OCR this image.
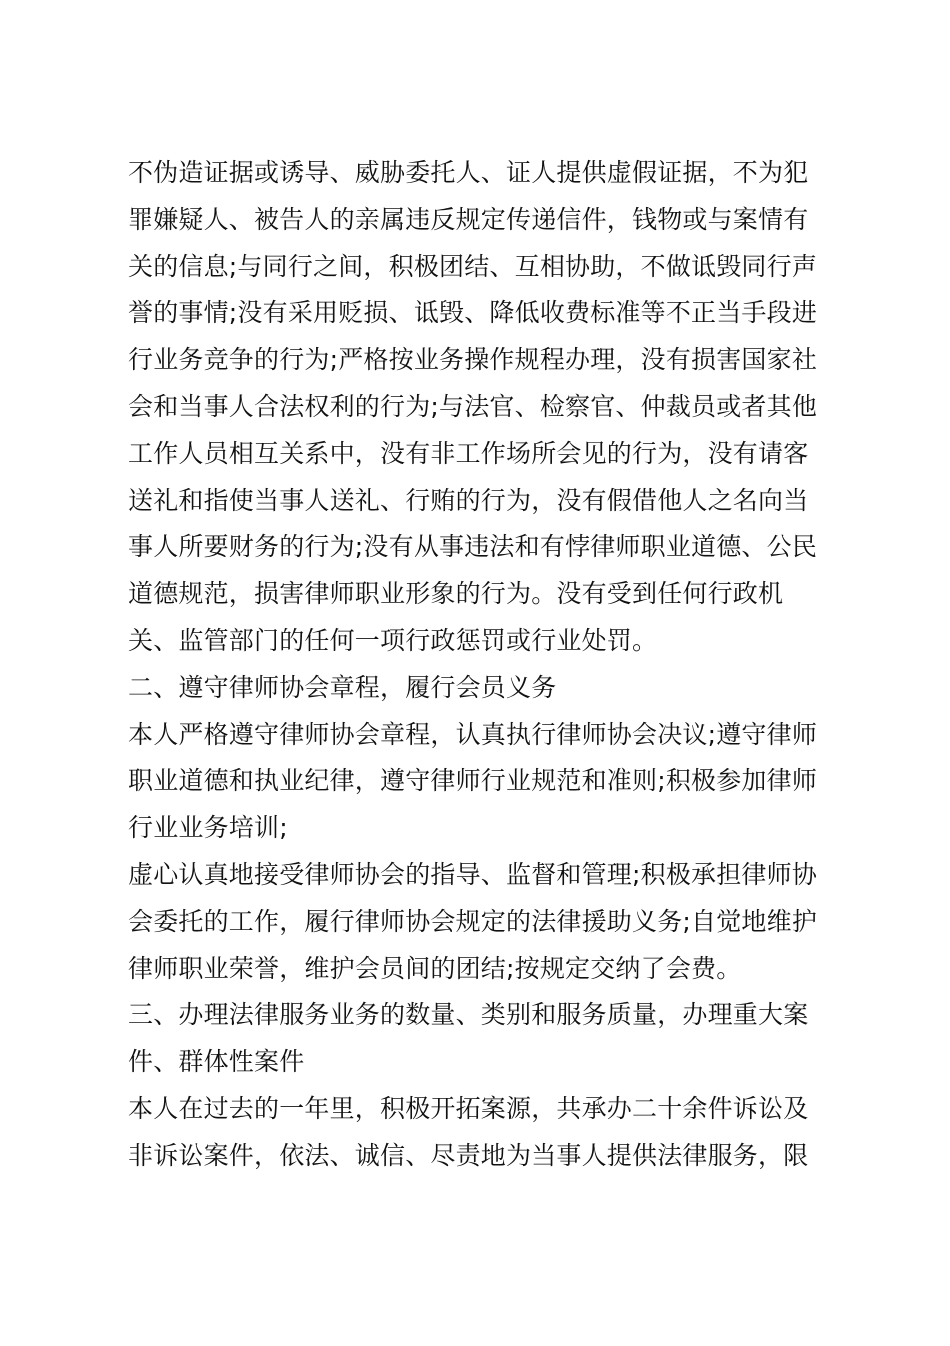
不伪造证据或诱导、威胁委托人、证人提供虚假证据，不为犯
罪嫌疑人、被告人的亲属违反规定传递信件，钱物或与案情有
关的信息;与同行之间，积极团结、互相协助，不做诋毁同行声
誉的事情;没有采用贬损、诋毁、降低收费标准等不正当手段进
行业务竞争的行为;严格按业务操作规程办理，没有损害国家社
会和当事人合法权利的行为;与法官、检察官、仲裁员或者其他
工作人员相互关系中，没有非工作场所会见的行为，没有请客
送礼和指使当事人送礼、行贿的行为，没有假借他人之名向当
事人所要财务的行为;没有从事违法和有悖律师职业道德、公民
道德规范，损害律师职业形象的行为。没有受到任何行政机
关、监管部门的任何一项行政惩罚或行业处罚。
二、遵守律师协会章程，履行会员义务
本人严格遵守律师协会章程，认真执行律师协会决议;遵守律师
职业道德和执业纪律，遵守律师行业规范和准则;积极参加律师
行业业务培训;
虚心认真地接受律师协会的指导、监督和管理;积极承担律师协
会委托的工作，履行律师协会规定的法律援助义务;自觉地维护
律师职业荣誉，维护会员间的团结;按规定交纳了会费。
三、办理法律服务业务的数量、类别和服务质量，办理重大案
件、群体性案件
本人在过去的一年里，积极开拓案源，共承办二十余件诉讼及
非诉讼案件，依法、诚信、尽责地为当事人提供法律服务，限
